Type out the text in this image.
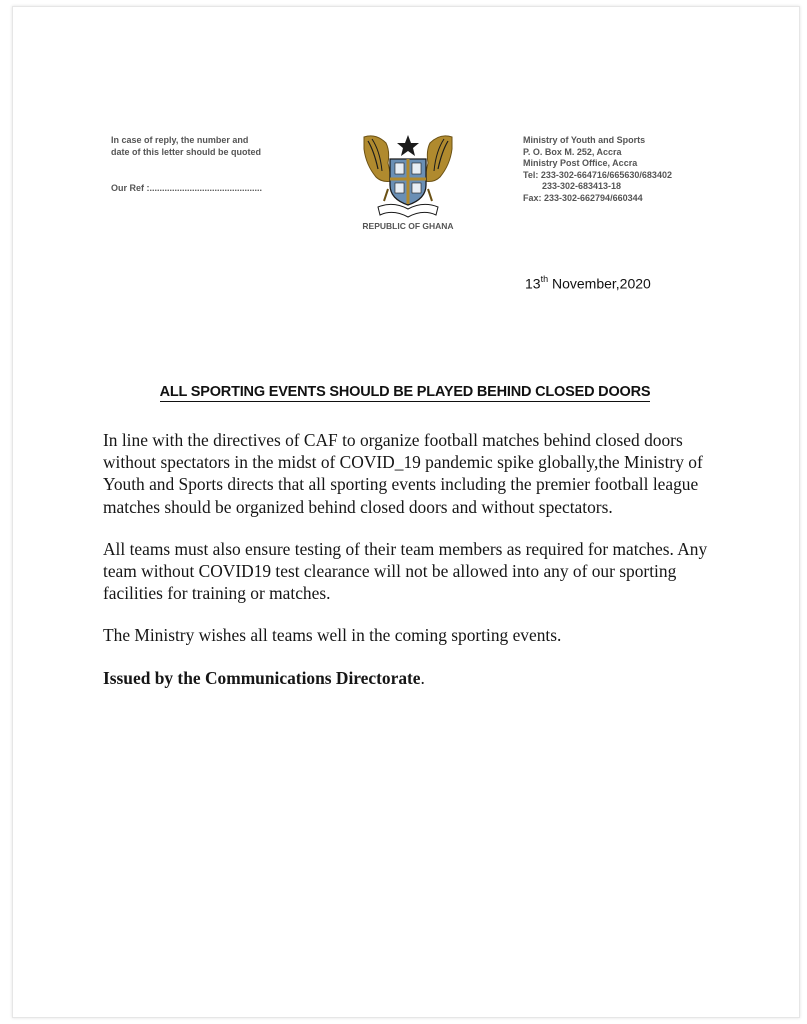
In case of reply, the number and

date of this letter should be quoted

Our Ref :.............................................

REPUBLIC OF GHANA

Ministry of Youth and Sports

P. O. Box M. 252, Accra

Ministry Post Office, Accra

Tel: 233-302-664716/665630/683402

233-302-683413-18

Fax: 233-302-662794/660344

13th November,2020

ALL SPORTING EVENTS SHOULD BE PLAYED BEHIND CLOSED DOORS

In line with the directives of CAF to organize football matches behind closed doors without spectators in the midst of COVID_19 pandemic spike globally,the Ministry of Youth and Sports directs that all sporting events including the premier football league matches should be organized behind closed doors and without spectators.

All teams must also ensure testing of their team members as required for matches. Any team without COVID19 test clearance will not be allowed into any of our sporting facilities for training or matches.

The Ministry wishes all teams well in the coming sporting events.

Issued by the Communications Directorate.
